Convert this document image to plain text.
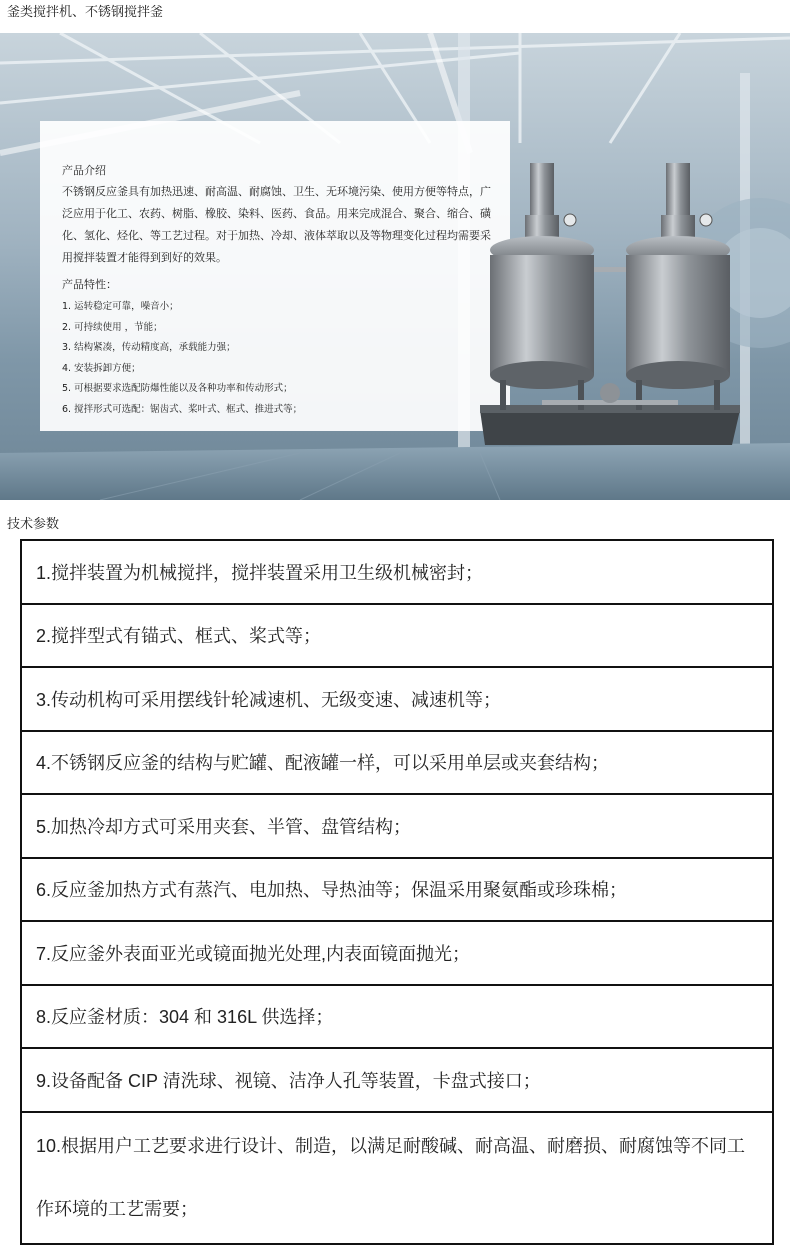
釜类搅拌机、不锈钢搅拌釜
产品介绍
不锈钢反应釜具有加热迅速、耐高温、耐腐蚀、卫生、无环境污染、使用方便等特点，广泛应用于化工、农药、树脂、橡胶、染料、医药、食品。用来完成混合、聚合、缩合、磺化、氢化、烃化、等工艺过程。对于加热、冷却、液体萃取以及等物理变化过程均需要采用搅拌装置才能得到到好的效果。
产品特性：
1. 运转稳定可靠，噪音小；
2. 可持续使用 ，节能；
3. 结构紧凑，传动精度高，承载能力强；
4. 安装拆卸方便；
5. 可根据要求选配防爆性能以及各种功率和传动形式；
6. 搅拌形式可选配：锯齿式、桨叶式、框式、推进式等；
技术参数
1.搅拌装置为机械搅拌，搅拌装置采用卫生级机械密封；
2.搅拌型式有锚式、框式、桨式等；
3.传动机构可采用摆线针轮减速机、无级变速、减速机等；
4.不锈钢反应釜的结构与贮罐、配液罐一样，可以采用单层或夹套结构；
5.加热冷却方式可采用夹套、半管、盘管结构；
6.反应釜加热方式有蒸汽、电加热、导热油等；保温采用聚氨酯或珍珠棉；
7.反应釜外表面亚光或镜面抛光处理,内表面镜面抛光；
8.反应釜材质：304 和 316L 供选择；
9.设备配备 CIP 清洗球、视镜、洁净人孔等装置，卡盘式接口；
10.根据用户工艺要求进行设计、制造，以满足耐酸碱、耐高温、耐磨损、耐腐蚀等不同工作环境的工艺需要；
